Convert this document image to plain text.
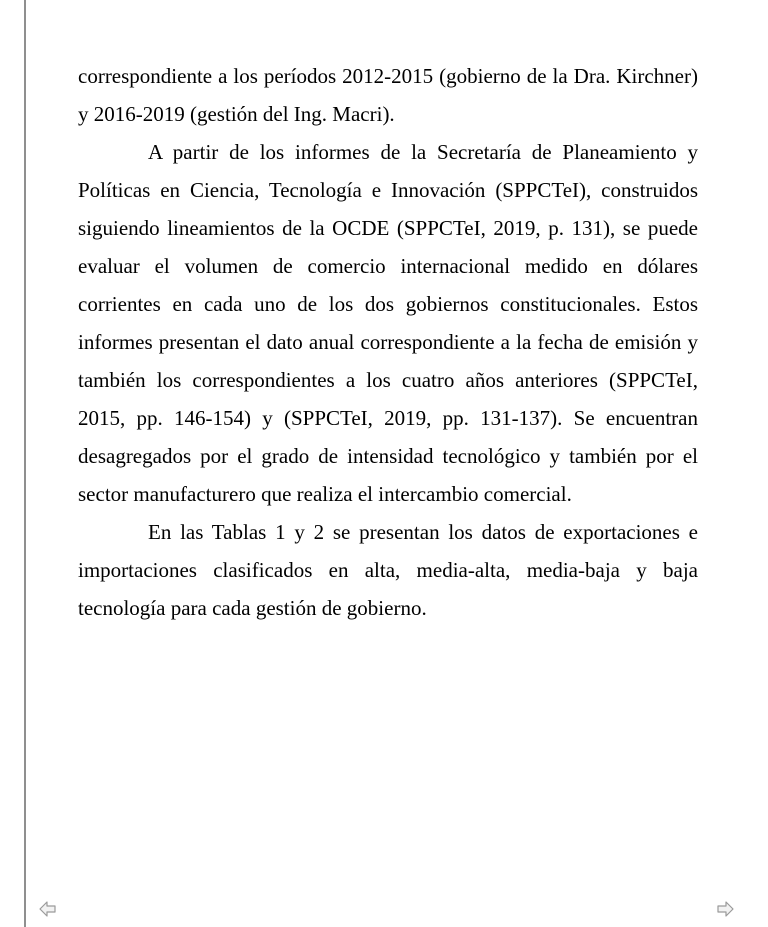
correspondiente a los períodos 2012-2015 (gobierno de la Dra. Kirchner) y 2016-2019 (gestión del Ing. Macri).

A partir de los informes de la Secretaría de Planeamiento y Políticas en Ciencia, Tecnología e Innovación (SPPCTeI), construidos siguiendo lineamientos de la OCDE (SPPCTeI, 2019, p. 131), se puede evaluar el volumen de comercio internacional medido en dólares corrientes en cada uno de los dos gobiernos constitucionales. Estos informes presentan el dato anual correspondiente a la fecha de emisión y también los correspondientes a los cuatro años anteriores (SPPCTeI, 2015, pp. 146-154) y (SPPCTeI, 2019, pp. 131-137). Se encuentran desagregados por el grado de intensidad tecnológico y también por el sector manufacturero que realiza el intercambio comercial.

En las Tablas 1 y 2 se presentan los datos de exportaciones e importaciones clasificados en alta, media-alta, media-baja y baja tecnología para cada gestión de gobierno.
